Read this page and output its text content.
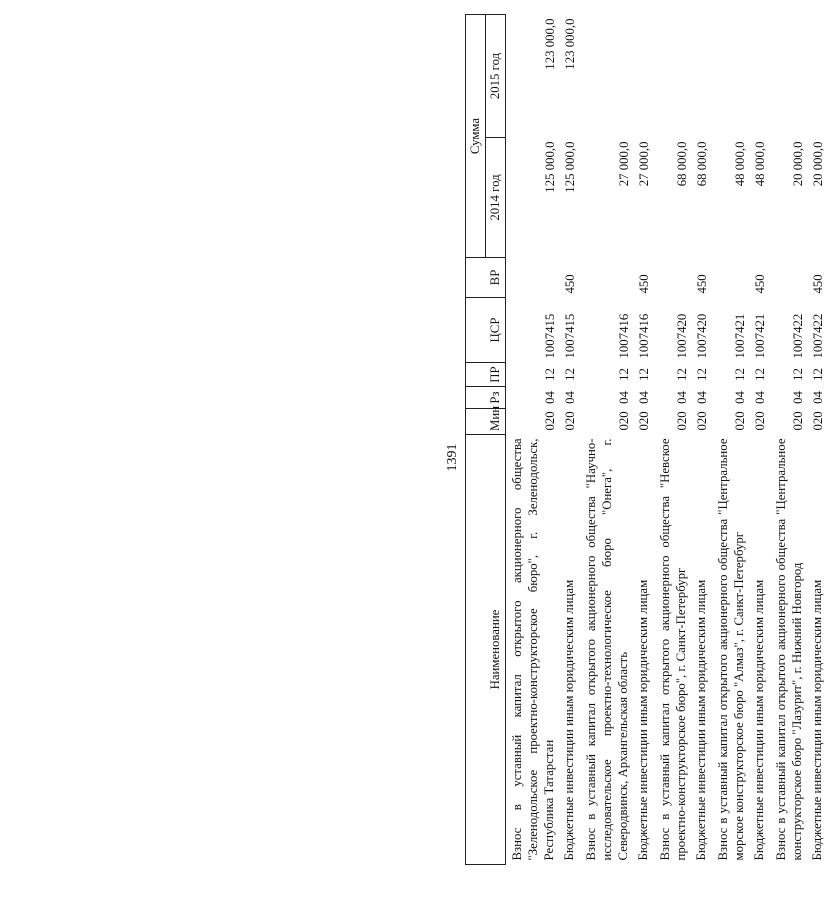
1391
Наименование	Мин	Рз	ПР	ЦСР	ВР	Сумма	
						2014 год	2015 год
Взнос в уставный капитал открытого акционерного общества "Зеленодольское проектно-конструкторское бюро", г. Зеленодольск, Республика Татарстан	020	04	12	1007415		125 000,0	123 000,0
Бюджетные инвестиции иным юридическим лицам	020	04	12	1007415	450	125 000,0	123 000,0
Взнос в уставный капитал открытого акционерного общества "Научно-исследовательское проектно-технологическое бюро "Онега", г. Северодвинск, Архангельская область	020	04	12	1007416		27 000,0	
Бюджетные инвестиции иным юридическим лицам	020	04	12	1007416	450	27 000,0	
Взнос в уставный капитал открытого акционерного общества "Невское проектно-конструкторское бюро", г. Санкт-Петербург	020	04	12	1007420		68 000,0	
Бюджетные инвестиции иным юридическим лицам	020	04	12	1007420	450	68 000,0	
Взнос в уставный капитал открытого акционерного общества "Центральное морское конструкторское бюро "Алмаз", г. Санкт-Петербург	020	04	12	1007421		48 000,0	
Бюджетные инвестиции иным юридическим лицам	020	04	12	1007421	450	48 000,0	
Взнос в уставный капитал открытого акционерного общества "Центральное конструкторское бюро "Лазурит", г. Нижний Новгород	020	04	12	1007422		20 000,0	
Бюджетные инвестиции иным юридическим лицам	020	04	12	1007422	450	20 000,0	
